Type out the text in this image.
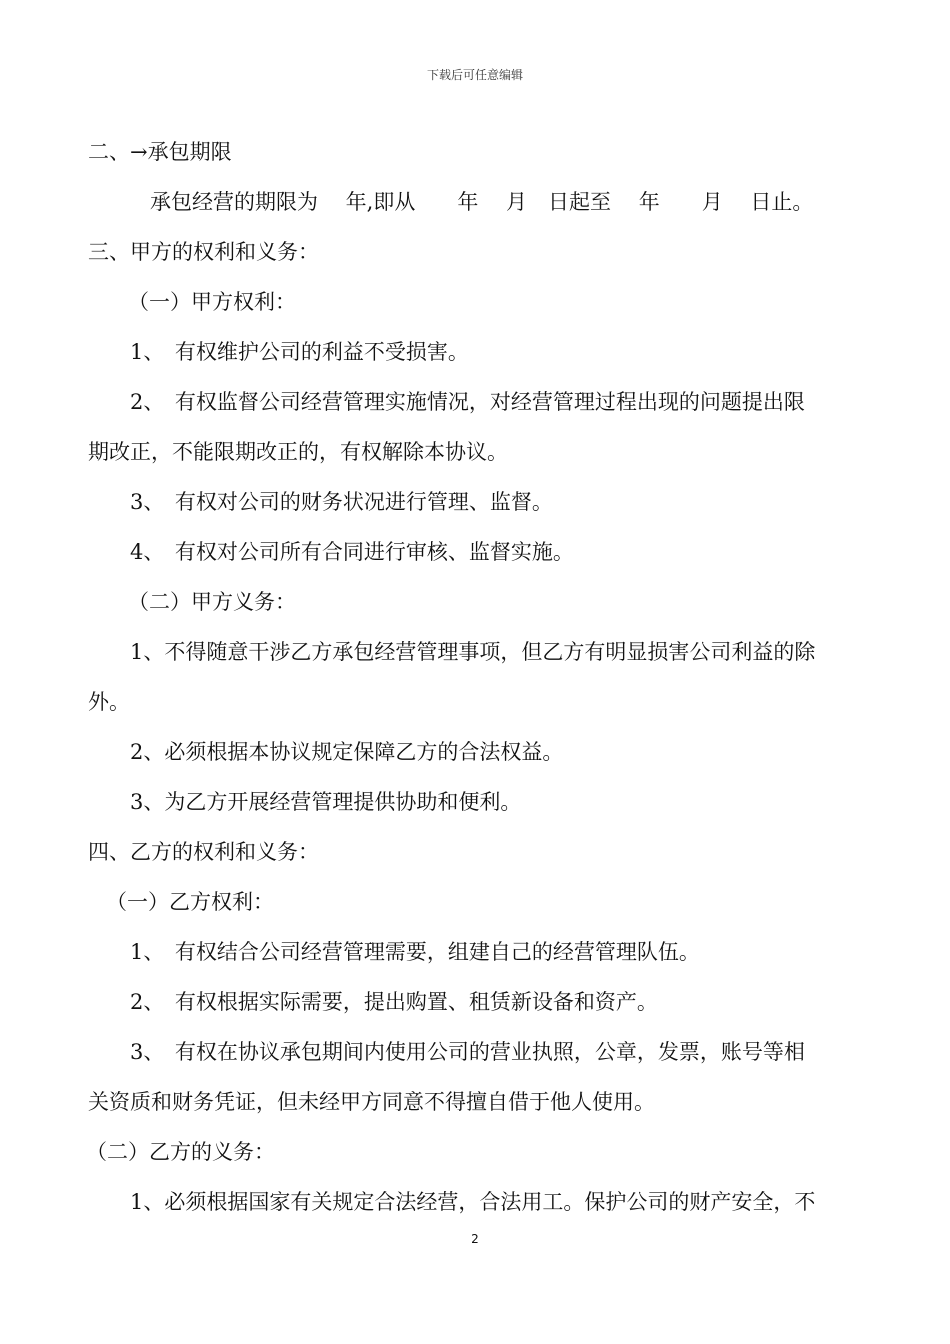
下载后可任意编辑
二、→承包期限
承包经营的期限为　 年,即从　　年　 月　日起至　 年　　月　 日止。
三、甲方的权利和义务：
（一）甲方权利：
1、　有权维护公司的利益不受损害。
2、　有权监督公司经营管理实施情况，对经营管理过程出现的问题提出限
期改正，不能限期改正的，有权解除本协议。
3、　有权对公司的财务状况进行管理、监督。
4、　有权对公司所有合同进行审核、监督实施。
（二）甲方义务：
1、不得随意干涉乙方承包经营管理事项，但乙方有明显损害公司利益的除
外。
2、必须根据本协议规定保障乙方的合法权益。
3、为乙方开展经营管理提供协助和便利。
四、乙方的权利和义务：
（一）乙方权利：
1、　有权结合公司经营管理需要，组建自己的经营管理队伍。
2、　有权根据实际需要，提出购置、租赁新设备和资产。
3、　有权在协议承包期间内使用公司的营业执照，公章，发票，账号等相
关资质和财务凭证，但未经甲方同意不得擅自借于他人使用。
（二）乙方的义务：
1、必须根据国家有关规定合法经营，合法用工。保护公司的财产安全，不
2
